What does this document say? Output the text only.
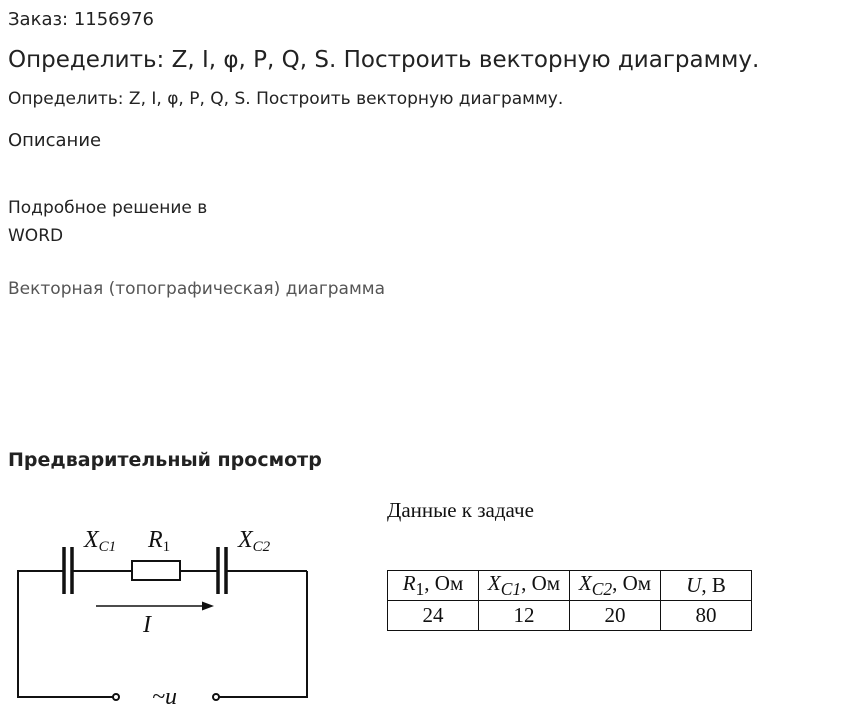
Заказ: 1156976
Определить: Z, I, φ, P, Q, S. Построить векторную диаграмму.
Определить: Z, I, φ, P, Q, S. Построить векторную диаграмму.
Описание
Подробное решение в
WORD
Векторная (топографическая) диаграмма
Предварительный просмотр
XC1 R1	XC2
I
~u
Данные к задаче
$R_1$, Ом	$X_{C1}$, Ом	$X_{C2}$, Ом	U, В
24	12	20	80
